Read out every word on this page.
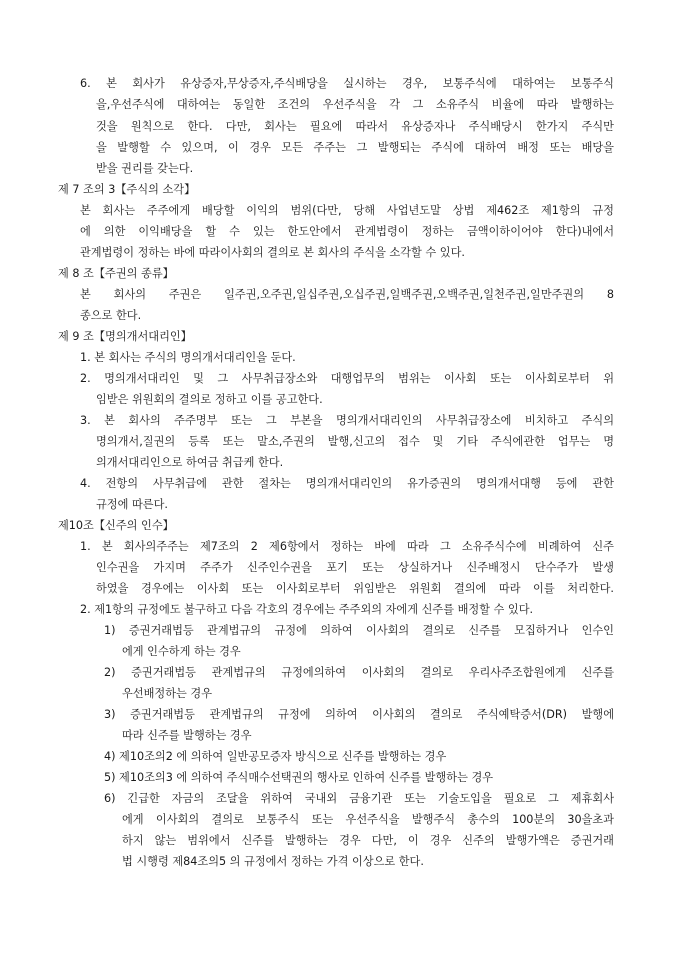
6. 본 회사가 유상증자,무상증자,주식배당을 실시하는 경우, 보통주식에 대하여는 보통주식
을,우선주식에 대하여는 동일한 조건의 우선주식을 각 그 소유주식 비율에 따라 발행하는
것을 원칙으로 한다. 다만, 회사는 필요에 따라서 유상증자나 주식배당시 한가지 주식만
을 발행할 수 있으며, 이 경우 모든 주주는 그 발행되는 주식에 대하여 배정 또는 배당을
받을 권리를 갖는다.
제 7 조의 3【주식의 소각】
본 회사는 주주에게 배당할 이익의 범위(다만, 당해 사업년도말 상법 제462조 제1항의 규정
에 의한 이익배당을 할 수 있는 한도안에서 관계법령이 정하는 금액이하이어야 한다)내에서
관계법령이 정하는 바에 따라이사회의 결의로 본 회사의 주식을 소각할 수 있다.
제 8 조【주권의 종류】
본 회사의 주권은 일주권,오주권,일십주권,오십주권,일백주권,오백주권,일천주권,일만주권의 8
종으로 한다.
제 9 조【명의개서대리인】
1. 본 회사는 주식의 명의개서대리인을 둔다.
2. 명의개서대리인 및 그 사무취급장소와 대행업무의 범위는 이사회 또는 이사회로부터 위
임받은 위원회의 결의로 정하고 이를 공고한다.
3. 본 회사의 주주명부 또는 그 부본을 명의개서대리인의 사무취급장소에 비치하고 주식의
명의개서,질권의 등록 또는 말소,주권의 발행,신고의 접수 및 기타 주식에관한 업무는 명
의개서대리인으로 하여금 취급케 한다.
4. 전항의 사무취급에 관한 절차는 명의개서대리인의 유가증권의 명의개서대행 등에 관한
규정에 따른다.
제10조【신주의 인수】
1. 본 회사의주주는 제7조의 2 제6항에서 정하는 바에 따라 그 소유주식수에 비례하여 신주
인수권을 가지며 주주가 신주인수권을 포기 또는 상실하거나 신주배정시 단수주가 발생
하였을 경우에는 이사회 또는 이사회로부터 위임받은 위원회 결의에 따라 이를 처리한다.
2. 제1항의 규정에도 불구하고 다음 각호의 경우에는 주주외의 자에게 신주를 배정할 수 있다.
1) 증권거래법등 관계법규의 규정에 의하여 이사회의 결의로 신주를 모집하거나 인수인
에게 인수하게 하는 경우
2) 증권거래법등 관계법규의 규정에의하여 이사회의 결의로 우리사주조합원에게 신주를
우선배정하는 경우
3) 증권거래법등 관계법규의 규정에 의하여 이사회의 결의로 주식예탁증서(DR) 발행에
따라 신주를 발행하는 경우
4) 제10조의2 에 의하여 일반공모증자 방식으로 신주를 발행하는 경우
5) 제10조의3 에 의하여 주식매수선택권의 행사로 인하여 신주를 발행하는 경우
6) 긴급한 자금의 조달을 위하여 국내외 금융기관 또는 기술도입을 필요로 그 제휴회사
에게 이사회의 결의로 보통주식 또는 우선주식을 발행주식 총수의 100분의 30을초과
하지 않는 범위에서 신주를 발행하는 경우 다만, 이 경우 신주의 발행가액은 증권거래
법 시행령 제84조의5 의 규정에서 정하는 가격 이상으로 한다.
